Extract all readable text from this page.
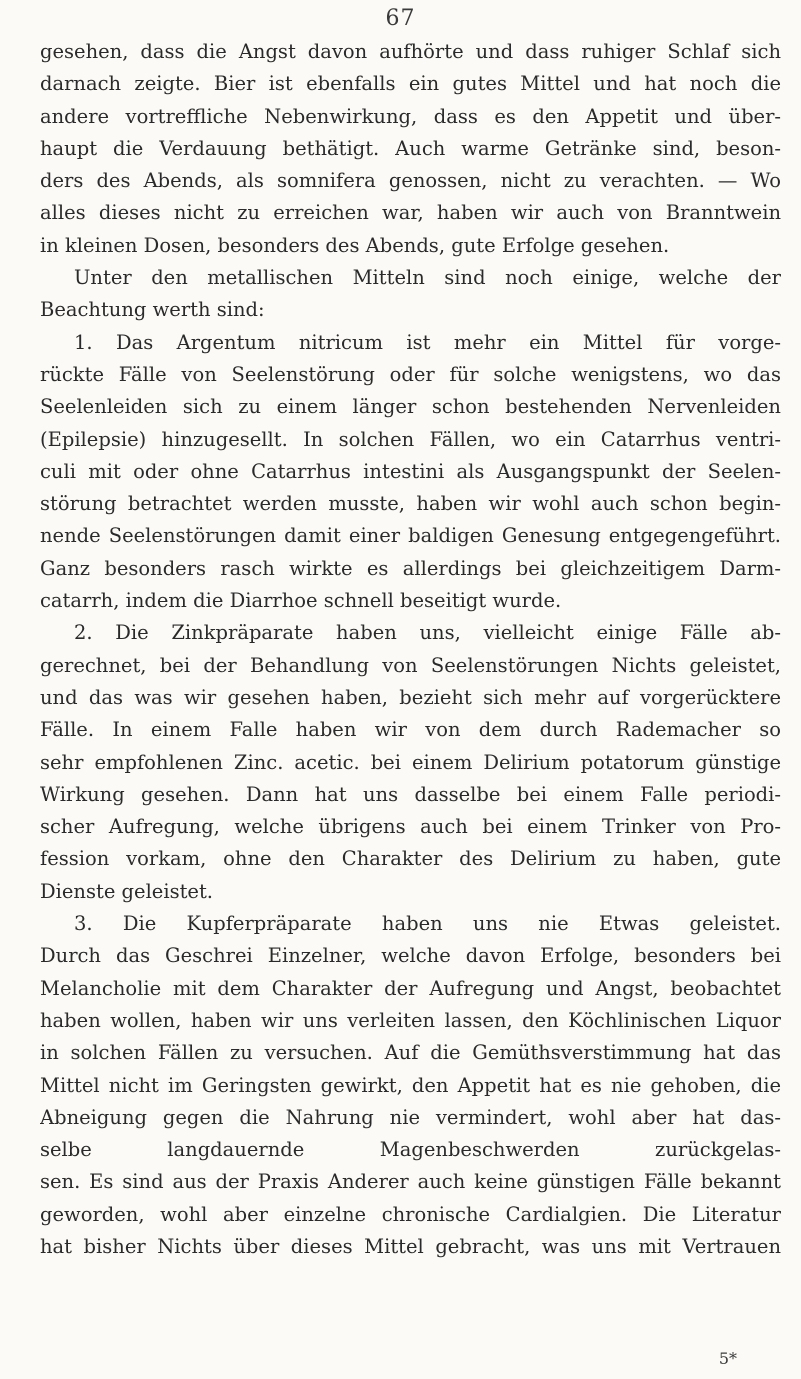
67
gesehen, dass die Angst davon aufhörte und dass ruhiger Schlaf sich
darnach zeigte. Bier ist ebenfalls ein gutes Mittel und hat noch die
andere vortreffliche Nebenwirkung, dass es den Appetit und über-
haupt die Verdauung bethätigt. Auch warme Getränke sind, beson-
ders des Abends, als somnifera genossen, nicht zu verachten. — Wo
alles dieses nicht zu erreichen war, haben wir auch von Branntwein
in kleinen Dosen, besonders des Abends, gute Erfolge gesehen.
Unter den metallischen Mitteln sind noch einige, welche der
Beachtung werth sind:
1. Das Argentum nitricum ist mehr ein Mittel für vorge-
rückte Fälle von Seelenstörung oder für solche wenigstens, wo das
Seelenleiden sich zu einem länger schon bestehenden Nervenleiden
(Epilepsie) hinzugesellt. In solchen Fällen, wo ein Catarrhus ventri-
culi mit oder ohne Catarrhus intestini als Ausgangspunkt der Seelen-
störung betrachtet werden musste, haben wir wohl auch schon begin-
nende Seelenstörungen damit einer baldigen Genesung entgegengeführt.
Ganz besonders rasch wirkte es allerdings bei gleichzeitigem Darm-
catarrh, indem die Diarrhoe schnell beseitigt wurde.
2. Die Zinkpräparate haben uns, vielleicht einige Fälle ab-
gerechnet, bei der Behandlung von Seelenstörungen Nichts geleistet,
und das was wir gesehen haben, bezieht sich mehr auf vorgerücktere
Fälle. In einem Falle haben wir von dem durch Rademacher so
sehr empfohlenen Zinc. acetic. bei einem Delirium potatorum günstige
Wirkung gesehen. Dann hat uns dasselbe bei einem Falle periodi-
scher Aufregung, welche übrigens auch bei einem Trinker von Pro-
fession vorkam, ohne den Charakter des Delirium zu haben, gute
Dienste geleistet.
3. Die Kupferpräparate haben uns nie Etwas geleistet.
Durch das Geschrei Einzelner, welche davon Erfolge, besonders bei
Melancholie mit dem Charakter der Aufregung und Angst, beobachtet
haben wollen, haben wir uns verleiten lassen, den Köchlinischen Liquor
in solchen Fällen zu versuchen. Auf die Gemüthsverstimmung hat das
Mittel nicht im Geringsten gewirkt, den Appetit hat es nie gehoben, die
Abneigung gegen die Nahrung nie vermindert, wohl aber hat das-
selbe langdauernde Magenbeschwerden zurückgelas-
sen. Es sind aus der Praxis Anderer auch keine günstigen Fälle bekannt
geworden, wohl aber einzelne chronische Cardialgien. Die Literatur
hat bisher Nichts über dieses Mittel gebracht, was uns mit Vertrauen
5*
